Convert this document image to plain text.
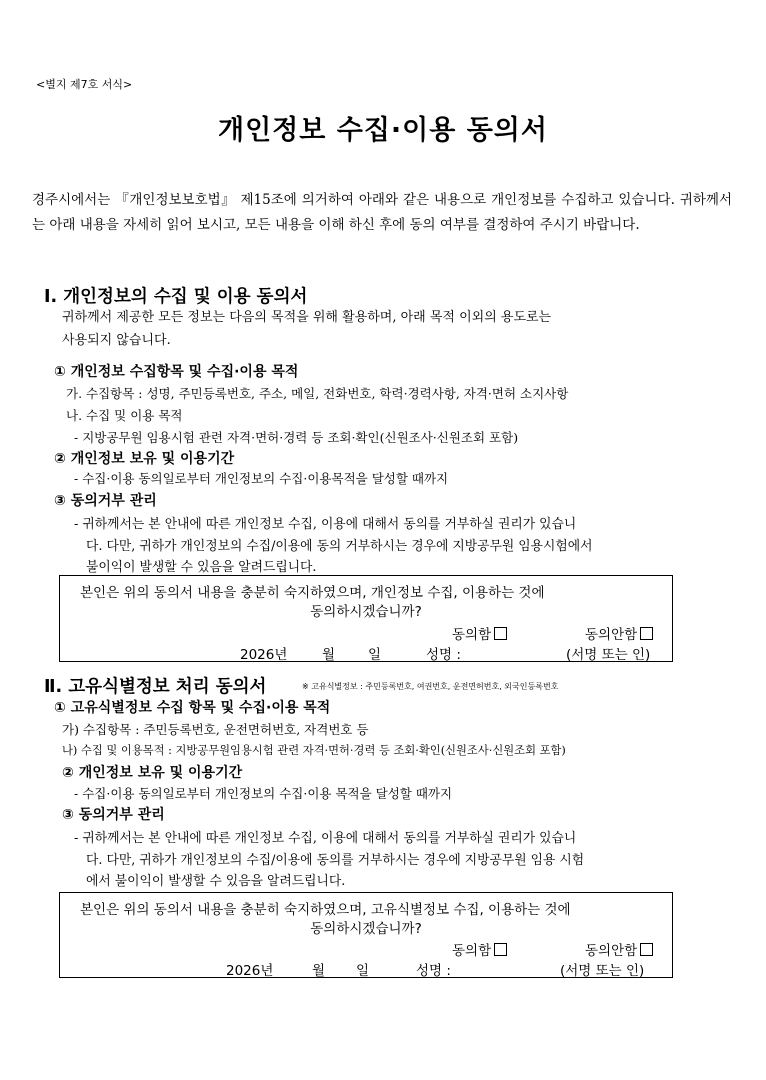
<별지 제7호 서식>
개인정보 수집·이용 동의서
경주시에서는 『개인정보보호법』 제15조에 의거하여 아래와 같은 내용으로 개인정보를 수집하고 있습니다. 귀하께서는 아래 내용을 자세히 읽어 보시고, 모든 내용을 이해 하신 후에 동의 여부를 결정하여 주시기 바랍니다.
Ⅰ. 개인정보의 수집 및 이용 동의서
귀하께서 제공한 모든 정보는 다음의 목적을 위해 활용하며, 아래 목적 이외의 용도로는
사용되지 않습니다.
① 개인정보 수집항목 및 수집·이용 목적
가. 수집항목 : 성명, 주민등록번호, 주소, 메일, 전화번호, 학력·경력사항, 자격·면허 소지사항
나. 수집 및 이용 목적
- 지방공무원 임용시험 관련 자격·면허·경력 등 조회·확인(신원조사·신원조회 포함)
② 개인정보 보유 및 이용기간
- 수집·이용 동의일로부터 개인정보의 수집·이용목적을 달성할 때까지
③ 동의거부 관리
- 귀하께서는 본 안내에 따른 개인정보 수집, 이용에 대해서 동의를 거부하실 권리가 있습니
다. 다만, 귀하가 개인정보의 수집/이용에 동의 거부하시는 경우에 지방공무원 임용시험에서
불이익이 발생할 수 있음을 알려드립니다.
본인은 위의 동의서 내용을 충분히 숙지하였으며, 개인정보 수집, 이용하는 것에
동의하시겠습니까?
동의함	동의안함
2026년	월 일	성명 :	(서명 또는 인)
Ⅱ. 고유식별정보 처리 동의서	※ 고유식별정보 : 주민등록번호, 여권번호, 운전면허번호, 외국인등록번호
① 고유식별정보 수집 항목 및 수집·이용 목적
가) 수집항목 : 주민등록번호, 운전면허번호, 자격번호 등
나) 수집 및 이용목적 : 지방공무원임용시험 관련 자격·면허·경력 등 조회·확인(신원조사·신원조회 포함)
② 개인정보 보유 및 이용기간
- 수집·이용 동의일로부터 개인정보의 수집·이용 목적을 달성할 때까지
③ 동의거부 관리
- 귀하께서는 본 안내에 따른 개인정보 수집, 이용에 대해서 동의를 거부하실 권리가 있습니
다. 다만, 귀하가 개인정보의 수집/이용에 동의를 거부하시는 경우에 지방공무원 임용 시험
에서 불이익이 발생할 수 있음을 알려드립니다.
본인은 위의 동의서 내용을 충분히 숙지하였으며, 고유식별정보 수집, 이용하는 것에
동의하시겠습니까?
동의함	동의안함
2026년	월 일	성명 :	(서명 또는 인)
